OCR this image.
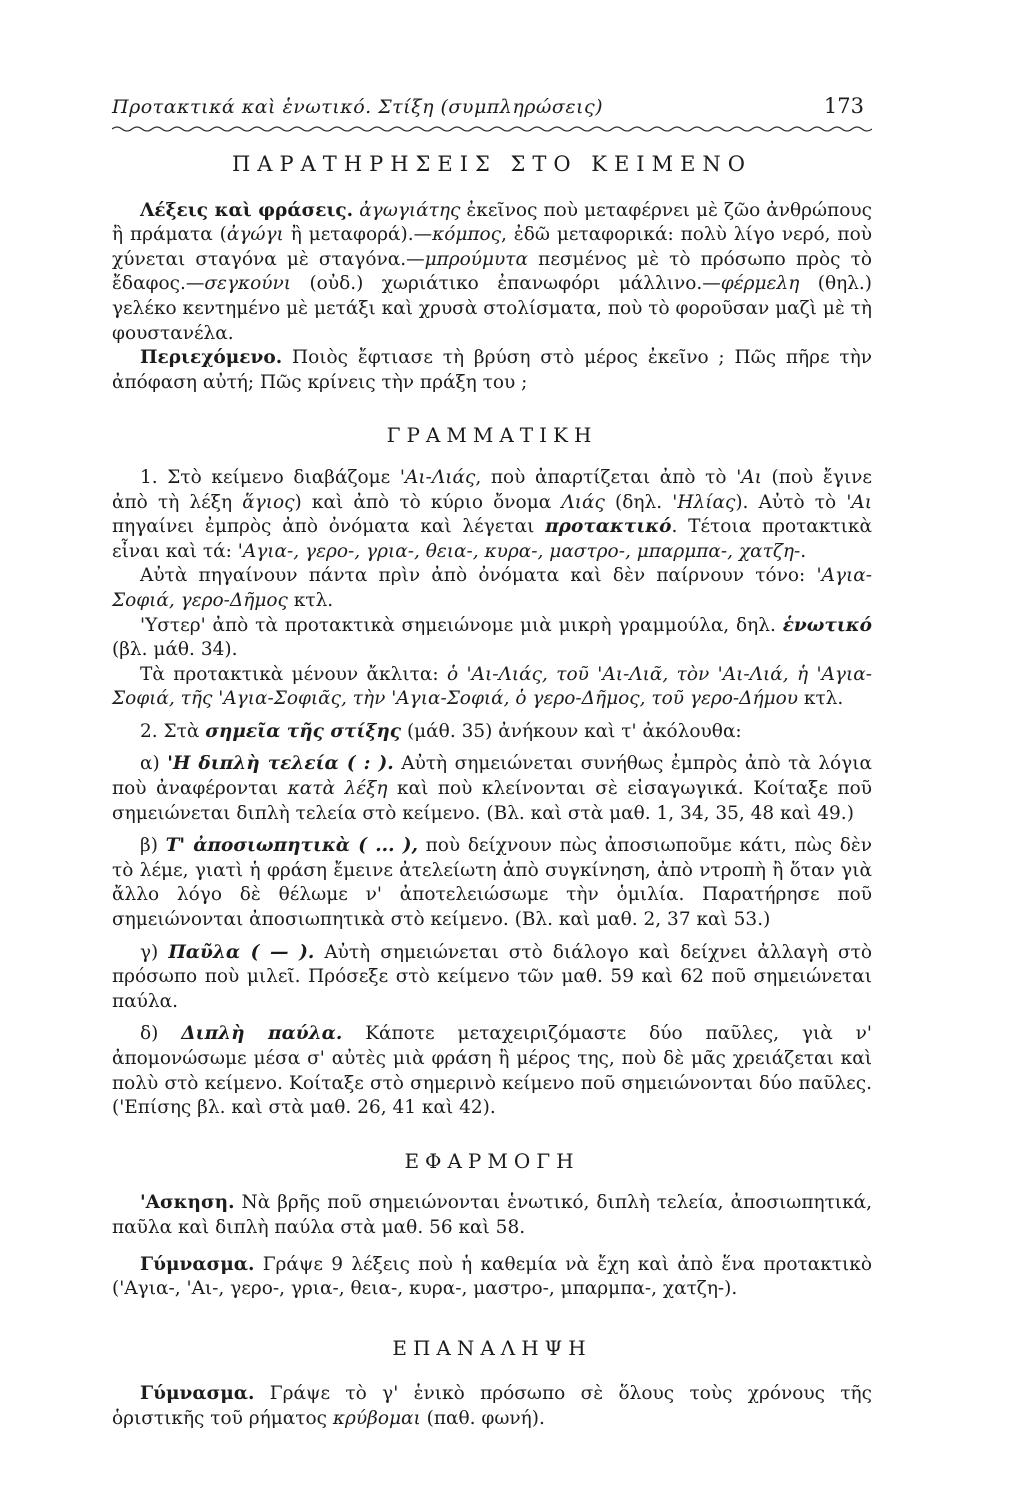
Προτακτικά καὶ ἑνωτικό. Στίξη (συμπληρώσεις)	173
ΠΑΡΑΤΗΡΗΣΕΙΣ ΣΤΟ ΚΕΙΜΕΝΟ

Λέξεις καὶ φράσεις. ἀγωγιάτης ἐκεῖνος ποὺ μεταφέρνει μὲ ζῶο ἀνθρώπους ἢ πράματα (ἀγώγι ἢ μεταφορά).—κόμπος, ἐδῶ μεταφορικά: πολὺ λίγο νερό, ποὺ χύνεται σταγόνα μὲ σταγόνα.—μπρούμυτα πεσμένος μὲ τὸ πρόσωπο πρὸς τὸ ἔδαφος.—σεγκούνι (οὐδ.) χωριάτικο ἐπανωφόρι μάλλινο.—φέρμελη (θηλ.) γελέκο κεντημένο μὲ μετάξι καὶ χρυσὰ στολίσματα, ποὺ τὸ φοροῦσαν μαζὶ μὲ τὴ φουστανέλα.

Περιεχόμενο. Ποιὸς ἔφτιασε τὴ βρύση στὸ μέρος ἐκεῖνο ; Πῶς πῆρε τὴν ἀπόφαση αὐτή; Πῶς κρίνεις τὴν πράξη του ;

ΓΡΑΜΜΑΤΙΚΗ

1. Στὸ κείμενο διαβάζομε 'Αι-Λιάς, ποὺ ἀπαρτίζεται ἀπὸ τὸ 'Αι (ποὺ ἔγινε ἀπὸ τὴ λέξη ἅγιος) καὶ ἀπὸ τὸ κύριο ὄνομα Λιάς (δηλ. 'Ηλίας). Αὐτὸ τὸ 'Αι πηγαίνει ἐμπρὸς ἀπὸ ὀνόματα καὶ λέγεται προτακτικό. Τέτοια προτακτικὰ εἶναι καὶ τά: 'Αγια-, γερο-, γρια-, θεια-, κυρα-, μαστρο-, μπαρμπα-, χατζη-.

Αὐτὰ πηγαίνουν πάντα πρὶν ἀπὸ ὀνόματα καὶ δὲν παίρνουν τόνο: 'Αγια-Σοφιά, γερο-Δῆμος κτλ.

'Υστερ' ἀπὸ τὰ προτακτικὰ σημειώνομε μιὰ μικρὴ γραμμούλα, δηλ. ἑνωτικό (βλ. μάθ. 34).

Τὰ προτακτικὰ μένουν ἄκλιτα: ὁ 'Αι-Λιάς, τοῦ 'Αι-Λιᾶ, τὸν 'Αι-Λιά, ἡ 'Αγια-Σοφιά, τῆς 'Αγια-Σοφιᾶς, τὴν 'Αγια-Σοφιά, ὁ γερο-Δῆμος, τοῦ γερο-Δήμου κτλ.

2. Στὰ σημεῖα τῆς στίξης (μάθ. 35) ἀνήκουν καὶ τ' ἀκόλουθα:

α) 'Η διπλὴ τελεία ( : ). Αὐτὴ σημειώνεται συνήθως ἐμπρὸς ἀπὸ τὰ λόγια ποὺ ἀναφέρονται κατὰ λέξη καὶ ποὺ κλείνονται σὲ εἰσαγωγικά. Κοίταξε ποῦ σημειώνεται διπλὴ τελεία στὸ κείμενο. (Βλ. καὶ στὰ μαθ. 1, 34, 35, 48 καὶ 49.)

β) Τ' ἀποσιωπητικὰ ( ... ), ποὺ δείχνουν πὼς ἀποσιωποῦμε κάτι, πὼς δὲν τὸ λέμε, γιατὶ ἡ φράση ἔμεινε ἀτελείωτη ἀπὸ συγκίνηση, ἀπὸ ντροπὴ ἢ ὅταν γιὰ ἄλλο λόγο δὲ θέλωμε ν' ἀποτελειώσωμε τὴν ὁμιλία. Παρατήρησε ποῦ σημειώνονται ἀποσιωπητικὰ στὸ κείμενο. (Βλ. καὶ μαθ. 2, 37 καὶ 53.)

γ) Παῦλα ( — ). Αὐτὴ σημειώνεται στὸ διάλογο καὶ δείχνει ἀλλαγὴ στὸ πρόσωπο ποὺ μιλεῖ. Πρόσεξε στὸ κείμενο τῶν μαθ. 59 καὶ 62 ποῦ σημειώνεται παύλα.

δ) Διπλὴ παύλα. Κάποτε μεταχειριζόμαστε δύο παῦλες, γιὰ ν' ἀπομονώσωμε μέσα σ' αὐτὲς μιὰ φράση ἢ μέρος της, ποὺ δὲ μᾶς χρειάζεται καὶ πολὺ στὸ κείμενο. Κοίταξε στὸ σημερινὸ κείμενο ποῦ σημειώνονται δύο παῦλες. ('Επίσης βλ. καὶ στὰ μαθ. 26, 41 καὶ 42).

ΕΦΑΡΜΟΓΗ

'Ασκηση. Νὰ βρῆς ποῦ σημειώνονται ἑνωτικό, διπλὴ τελεία, ἀποσιωπητικά, παῦλα καὶ διπλὴ παύλα στὰ μαθ. 56 καὶ 58.

Γύμνασμα. Γράψε 9 λέξεις ποὺ ἡ καθεμία νὰ ἔχη καὶ ἀπὸ ἕνα προτακτικὸ ('Αγια-, 'Αι-, γερο-, γρια-, θεια-, κυρα-, μαστρο-, μπαρμπα-, χατζη-).

ΕΠΑΝΑΛΗΨΗ

Γύμνασμα. Γράψε τὸ γ' ἑνικὸ πρόσωπο σὲ ὅλους τοὺς χρόνους τῆς ὁριστικῆς τοῦ ρήματος κρύβομαι (παθ. φωνή).
